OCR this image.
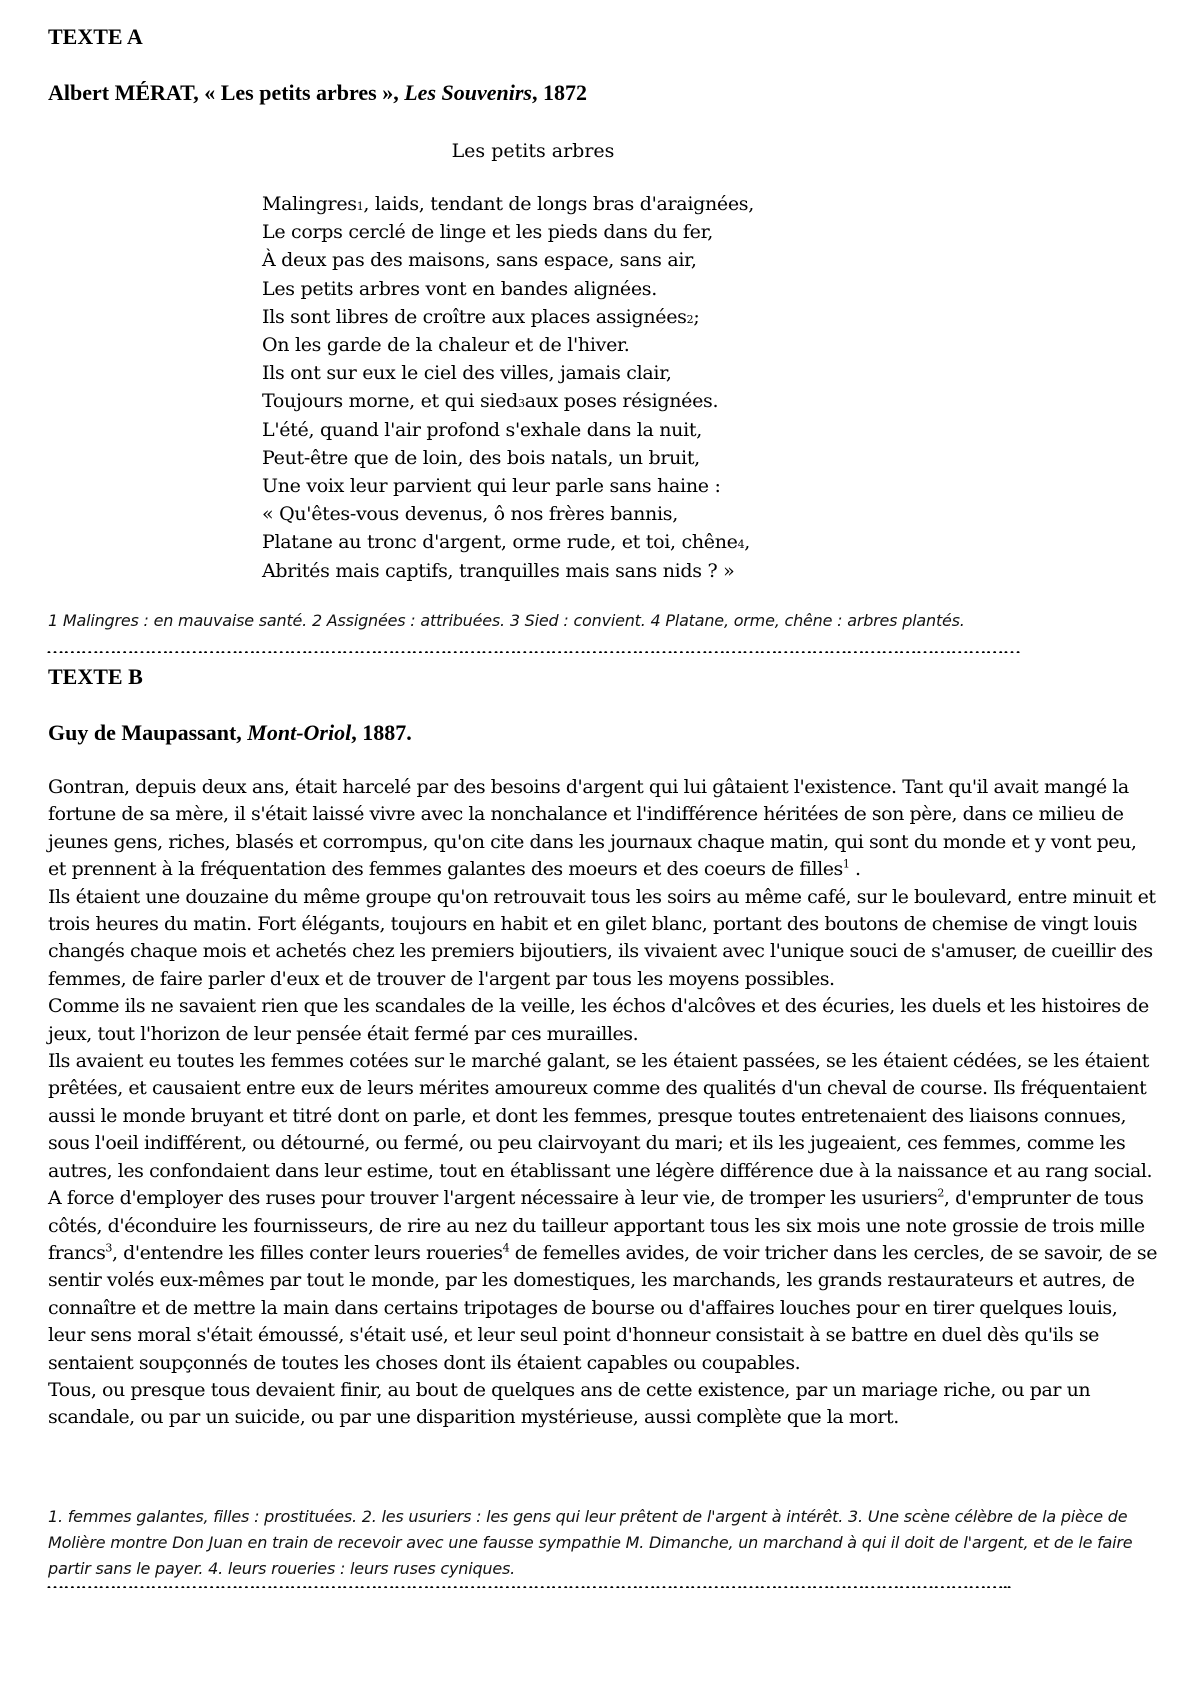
TEXTE A
Albert MÉRAT, « Les petits arbres », Les Souvenirs, 1872
Les petits arbres
Malingres1, laids, tendant de longs bras d'araignées,
Le corps cerclé de linge et les pieds dans du fer,
À deux pas des maisons, sans espace, sans air,
Les petits arbres vont en bandes alignées.
Ils sont libres de croître aux places assignées2;
On les garde de la chaleur et de l'hiver.
Ils ont sur eux le ciel des villes, jamais clair,
Toujours morne, et qui sied3aux poses résignées.
L'été, quand l'air profond s'exhale dans la nuit,
Peut-être que de loin, des bois natals, un bruit,
Une voix leur parvient qui leur parle sans haine :
« Qu'êtes-vous devenus, ô nos frères bannis,
Platane au tronc d'argent, orme rude, et toi, chêne4,
Abrités mais captifs, tranquilles mais sans nids ? »
1 Malingres : en mauvaise santé. 2 Assignées : attribuées. 3 Sied : convient. 4 Platane, orme, chêne : arbres plantés.
……………………………………………………………………………………………………………………………………………………
TEXTE B
Guy de Maupassant, Mont-Oriol, 1887.

Gontran, depuis deux ans, était harcelé par des besoins d'argent qui lui gâtaient l'existence. Tant qu'il avait mangé la fortune de sa mère, il s'était laissé vivre avec la nonchalance et l'indifférence héritées de son père, dans ce milieu de jeunes gens, riches, blasés et corrompus, qu'on cite dans les journaux chaque matin, qui sont du monde et y vont peu, et prennent à la fréquentation des femmes galantes des moeurs et des coeurs de filles$^1$ .

Ils étaient une douzaine du même groupe qu'on retrouvait tous les soirs au même café, sur le boulevard, entre minuit et trois heures du matin. Fort élégants, toujours en habit et en gilet blanc, portant des boutons de chemise de vingt louis changés chaque mois et achetés chez les premiers bijoutiers, ils vivaient avec l'unique souci de s'amuser, de cueillir des femmes, de faire parler d'eux et de trouver de l'argent par tous les moyens possibles.

Comme ils ne savaient rien que les scandales de la veille, les échos d'alcôves et des écuries, les duels et les histoires de jeux, tout l'horizon de leur pensée était fermé par ces murailles.

Ils avaient eu toutes les femmes cotées sur le marché galant, se les étaient passées, se les étaient cédées, se les étaient prêtées, et causaient entre eux de leurs mérites amoureux comme des qualités d'un cheval de course. Ils fréquentaient aussi le monde bruyant et titré dont on parle, et dont les femmes, presque toutes entretenaient des liaisons connues, sous l'oeil indifférent, ou détourné, ou fermé, ou peu clairvoyant du mari; et ils les jugeaient, ces femmes, comme les autres, les confondaient dans leur estime, tout en établissant une légère différence due à la naissance et au rang social.

A force d'employer des ruses pour trouver l'argent nécessaire à leur vie, de tromper les usuriers$^2$, d'emprunter de tous côtés, d'éconduire les fournisseurs, de rire au nez du tailleur apportant tous les six mois une note grossie de trois mille francs$^3$, d'entendre les filles conter leurs roueries$^4$ de femelles avides, de voir tricher dans les cercles, de se savoir, de se sentir volés eux-mêmes par tout le monde, par les domestiques, les marchands, les grands restaurateurs et autres, de connaître et de mettre la main dans certains tripotages de bourse ou d'affaires louches pour en tirer quelques louis, leur sens moral s'était émoussé, s'était usé, et leur seul point d'honneur consistait à se battre en duel dès qu'ils se sentaient soupçonnés de toutes les choses dont ils étaient capables ou coupables.

Tous, ou presque tous devaient finir, au bout de quelques ans de cette existence, par un mariage riche, ou par un scandale, ou par un suicide, ou par une disparition mystérieuse, aussi complète que la mort.

1. femmes galantes, filles : prostituées. 2. les usuriers : les gens qui leur prêtent de l'argent à intérêt. 3. Une scène célèbre de la pièce de Molière montre Don Juan en train de recevoir avec une fausse sympathie M. Dimanche, un marchand à qui il doit de l'argent, et de le faire partir sans le payer. 4. leurs roueries : leurs ruses cyniques.
…………………………………………………………………………………………………………………………………………………..
